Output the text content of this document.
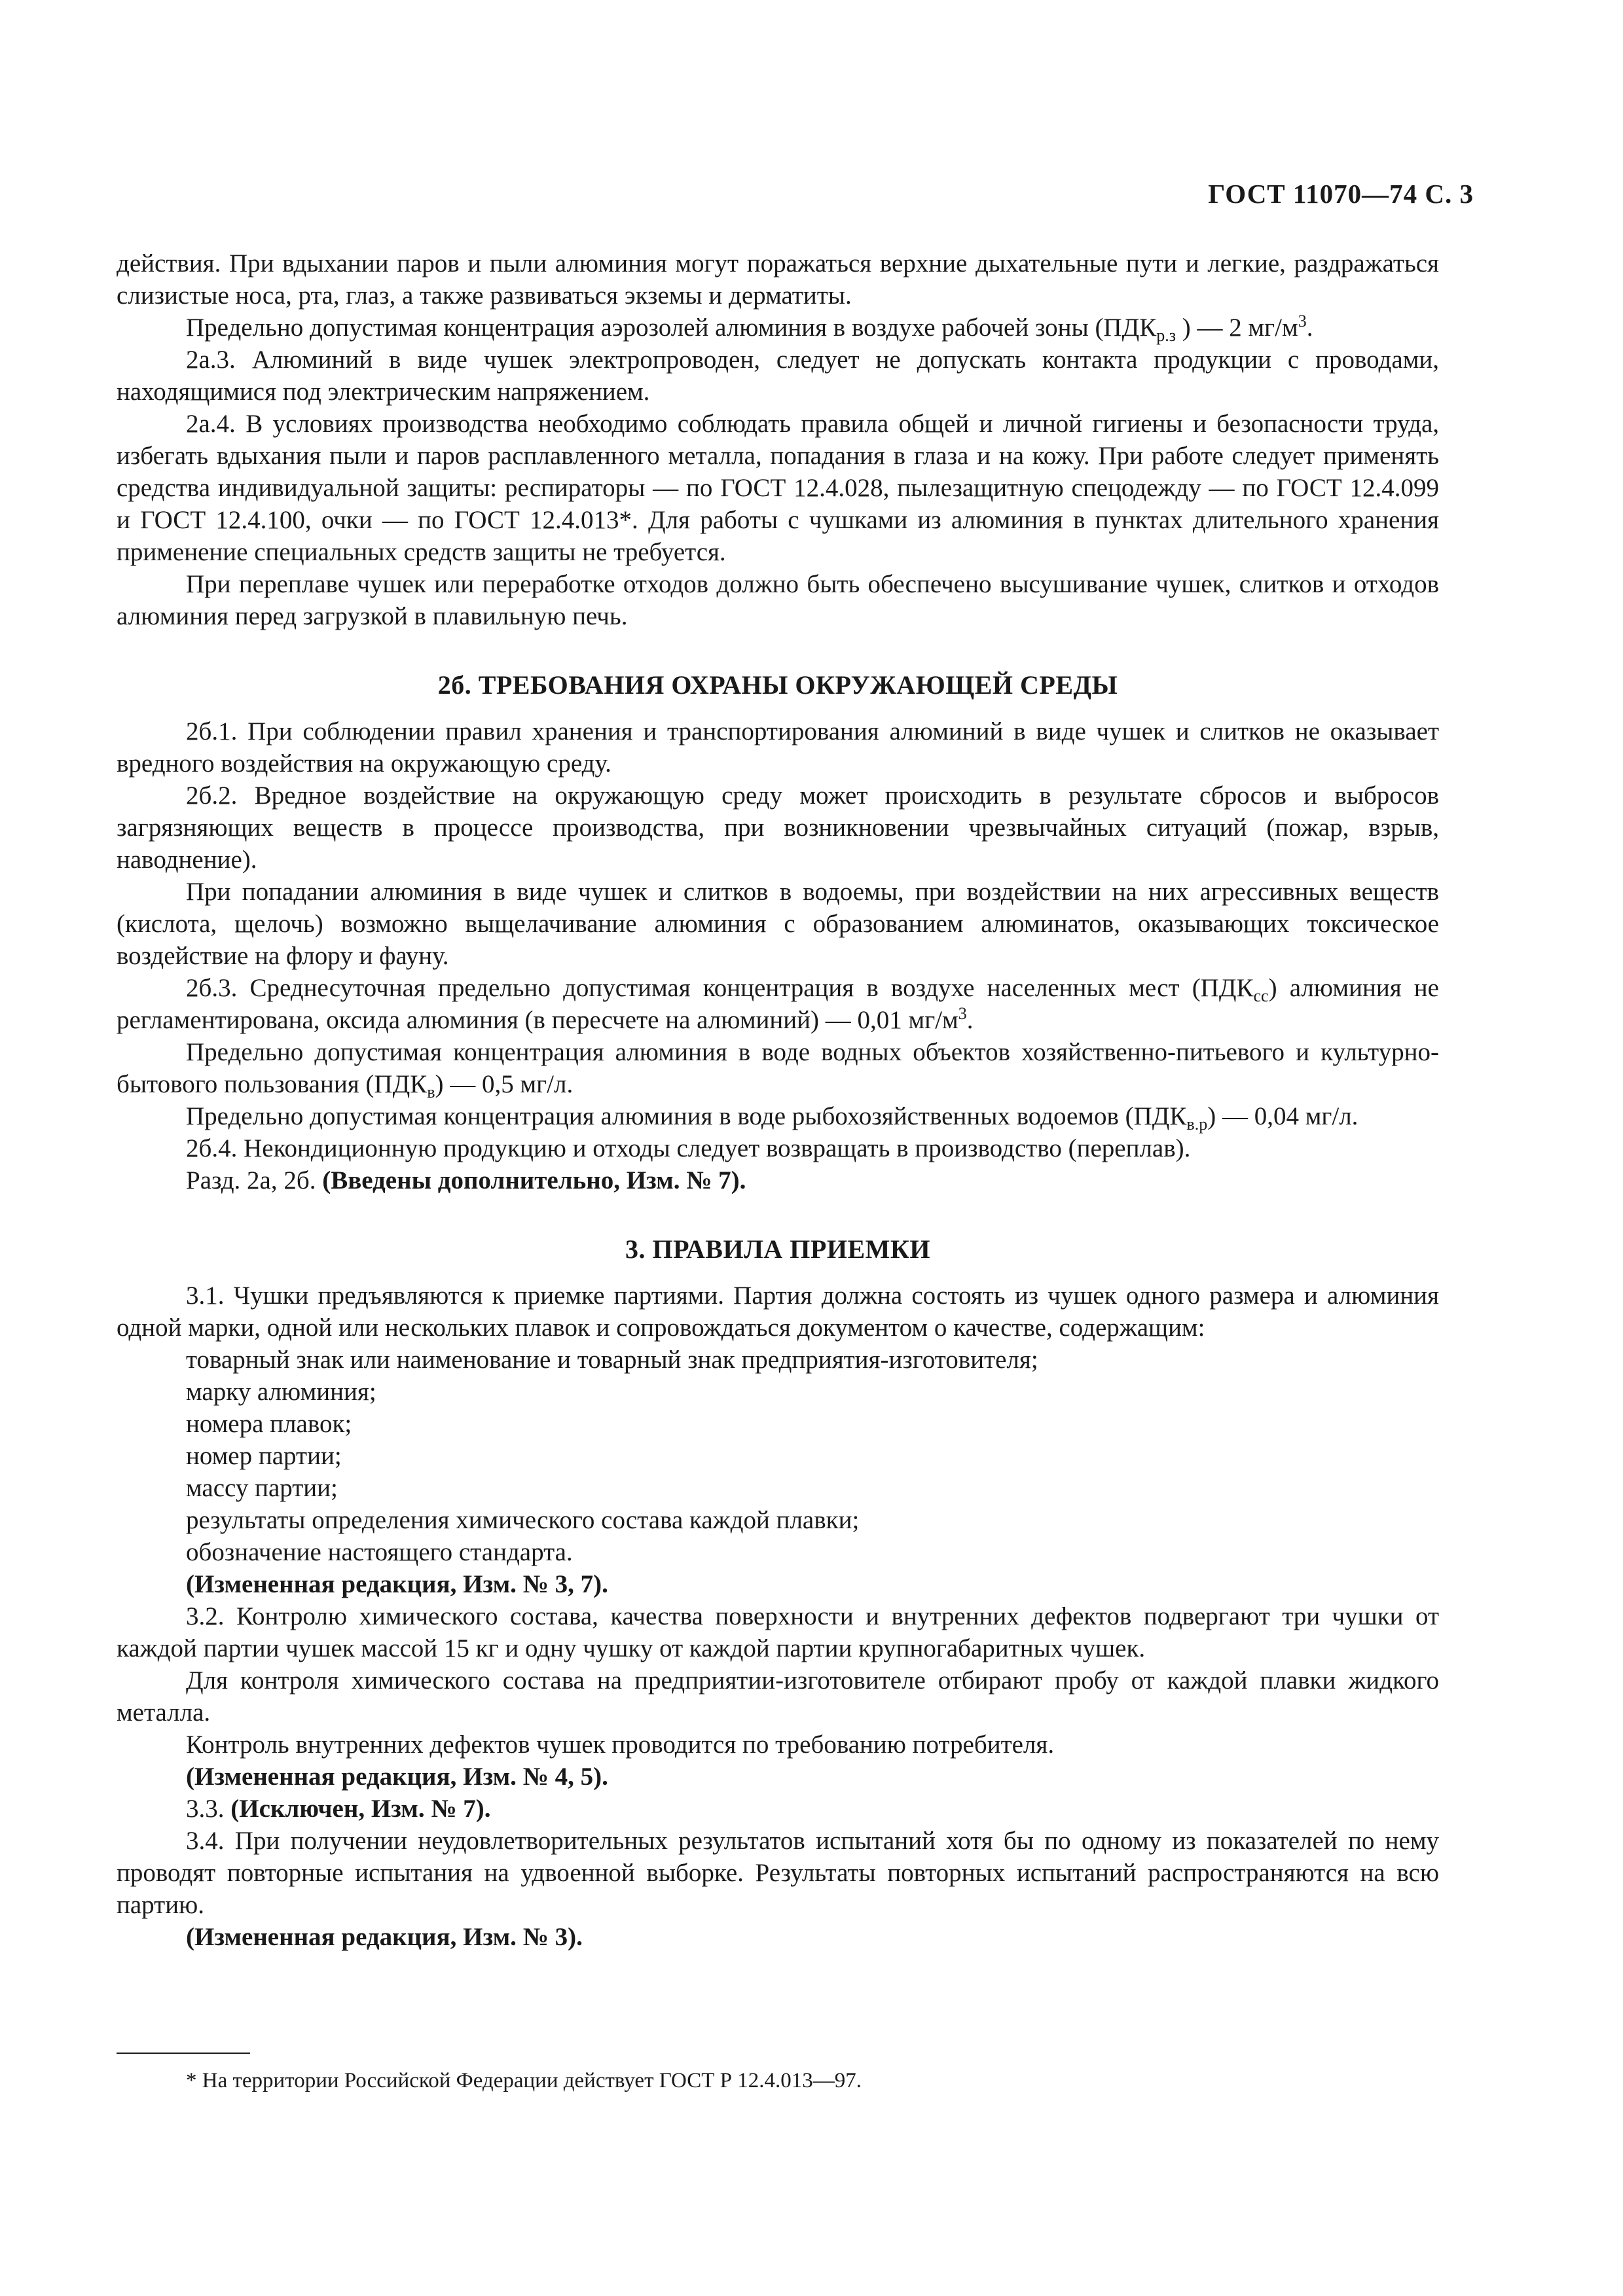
ГОСТ 11070—74 С. 3

действия. При вдыхании паров и пыли алюминия могут поражаться верхние дыхательные пути и легкие, раздражаться слизистые носа, ртa, глаз, а также развиваться экземы и дерматиты.

Предельно допустимая концентрация аэрозолей алюминия в воздухе рабочей зоны ($ПДК_{р.з}$ ) — 2 $мг/м^3$.

2а.3. Алюминий в виде чушек электропроводен, следует не допускать контакта продукции с проводами, находящимися под электрическим напряжением.

2а.4. В условиях производства необходимо соблюдать правила общей и личной гигиены и безопасности труда, избегать вдыхания пыли и паров расплавленного металла, попадания в глаза и на кожу. При работе следует применять средства индивидуальной защиты: респираторы — по ГОСТ 12.4.028, пылезащитную спецодежду — по ГОСТ 12.4.099 и ГОСТ 12.4.100, очки — по ГОСТ 12.4.013*. Для работы с чушками из алюминия в пунктах длительного хранения применение специальных средств защиты не требуется.

При переплаве чушек или переработке отходов должно быть обеспечено высушивание чушек, слитков и отходов алюминия перед загрузкой в плавильную печь.

2б. ТРЕБОВАНИЯ ОХРАНЫ ОКРУЖАЮЩЕЙ СРЕДЫ

2б.1. При соблюдении правил хранения и транспортирования алюминий в виде чушек и слитков не оказывает вредного воздействия на окружающую среду.

2б.2. Вредное воздействие на окружающую среду может происходить в результате сбросов и выбросов загрязняющих веществ в процессе производства, при возникновении чрезвычайных ситуаций (пожар, взрыв, наводнение).

При попадании алюминия в виде чушек и слитков в водоемы, при воздействии на них агрессивных веществ (кислота, щелочь) возможно выщелачивание алюминия с образованием алюминатов, оказывающих токсическое воздействие на флору и фауну.

2б.3. Среднесуточная предельно допустимая концентрация в воздухе населенных мест $(ПДК_{сс})$ алюминия не регламентирована, оксида алюминия (в пересчете на алюминий) — 0,01 $мг/м^3$.

Предельно допустимая концентрация алюминия в воде водных объектов хозяйственно-питьевого и культурно-бытового пользования $(ПДК_в)$ — 0,5 мг/л.

Предельно допустимая концентрация алюминия в воде рыбохозяйственных водоемов $(ПДК_{в.р})$ — 0,04 мг/л.

2б.4. Некондиционную продукцию и отходы следует возвращать в производство (переплав).

Разд. 2а, 2б. (Введены дополнительно, Изм. № 7).

3. ПРАВИЛА ПРИЕМКИ

3.1. Чушки предъявляются к приемке партиями. Партия должна состоять из чушек одного размера и алюминия одной марки, одной или нескольких плавок и сопровождаться документом о качестве, содержащим:

товарный знак или наименование и товарный знак предприятия-изготовителя;

марку алюминия;

номера плавок;

номер партии;

массу партии;

результаты определения химического состава каждой плавки;

обозначение настоящего стандарта.

(Измененная редакция, Изм. № 3, 7).

3.2. Контролю химического состава, качества поверхности и внутренних дефектов подвергают три чушки от каждой партии чушек массой 15 кг и одну чушку от каждой партии крупногабаритных чушек.

Для контроля химического состава на предприятии-изготовителе отбирают пробу от каждой плавки жидкого металла.

Контроль внутренних дефектов чушек проводится по требованию потребителя.

(Измененная редакция, Изм. № 4, 5).

3.3. (Исключен, Изм. № 7).

3.4. При получении неудовлетворительных результатов испытаний хотя бы по одному из показателей по нему проводят повторные испытания на удвоенной выборке. Результаты повторных испытаний распространяются на всю партию.

(Измененная редакция, Изм. № 3).

* На территории Российской Федерации действует ГОСТ Р 12.4.013—97.
